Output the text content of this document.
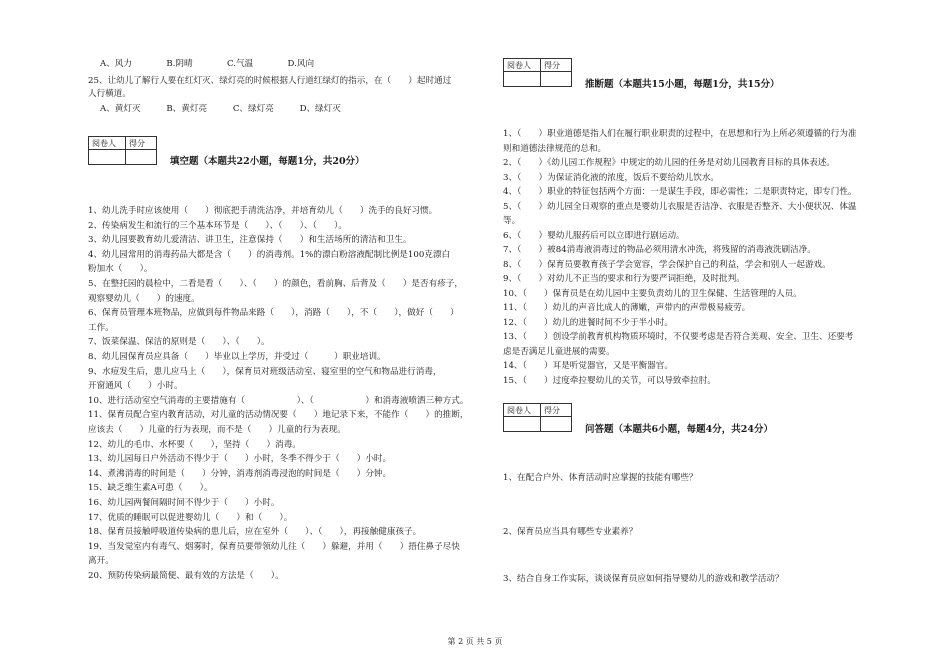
A、风力　　　　B.阴晴　　　　C.气温　　　　D.风向
25、让幼儿了解行人要在红灯灭、绿灯亮的时候根据人行道红绿灯的指示，在（　　）起时通过
人行横道。
A、黄灯灭　　　B、黄灯亮　　　C、绿灯亮　　　D、绿灯灭
阅卷人	得分

填空题（本题共22小题，每题1分，共20分）
1、幼儿洗手时应该使用（　　）彻底把手清洗洁净，并培育幼儿（　　）洗手的良好习惯。
2、传染病发生和流行的三个基本环节是（　　）、（　　）、（　　）。
3、幼儿园要教育幼儿爱清洁、讲卫生，注意保持（　　）和生活场所的清洁和卫生。
4、幼儿园常用的消毒药品大都是含（　　）的消毒剂。1%的漂白粉溶液配制比例是100克漂白
粉加水（　　）。
5、在整托园的晨检中，二看是看（　　）、（　　）的颜色，看前胸、后背及（　　）是否有疹子，
观察婴幼儿（　　）的速度。
6、保育员管理本班物品，应做到每件物品来路（　　），消路（　　），不（　　），做好（　　）
工作。
7、饭菜保温、保洁的原则是（　　）、（　　）。
8、幼儿园保育员应具备（　　）毕业以上学历，并受过（　　　）职业培训。
9、水痘发生后，患儿应马上（　　），保育员对班级活动室、寝室里的空气和物品进行消毒，
开窗通风（　　）小时。
10、进行活动室空气消毒的主要措施有（　　　　　　）、（　　　　　　）和消毒液喷洒三种方式。
11、保育员配合室内教育活动，对儿童的活动情况要（　　）地记录下来，不能作（　　）的推断，
应该去（　　）儿童的行为表现，而不是（　　）儿童的行为表现。
12、幼儿的毛巾、水杯要（　　），坚持（　　）消毒。
13、幼儿园每日户外活动不得少于（　　）小时，冬季不得少于（　　）小时。
14、煮沸消毒的时间是（　　）分钟，消毒剂消毒浸泡的时间是（　　）分钟。
15、缺乏维生素A可患（　　）。
16、幼儿园两餐间隔时间不得少于（　　）小时。
17、优质的睡眠可以促进婴幼儿（　　）和（　　）。
18、保育员接触呼吸道传染病的患儿后，应在室外（　　）、（　　），再接触健康孩子。
19、当发觉室内有毒气、烟雾时，保育员要带领幼儿往（　　）躲避，并用（　　）捂住鼻子尽快
离开。
20、预防传染病最简便、最有效的方法是（　　）。
阅卷人	得分

推断题（本题共15小题，每题1分，共15分）
1、（　　）职业道德是指人们在履行职业职责的过程中，在思想和行为上所必须遵循的行为准
则和道德法律规范的总和。
2、（　　）《幼儿园工作规程》中规定的幼儿园的任务是对幼儿园教育目标的具体表述。
3、（　　）为保证消化液的浓度，饭后不要给幼儿饮水。
4、（　　）职业的特征包括两个方面：一是谋生手段，即必需性；二是职责特定，即专门性。
5、（　　）幼儿园全日观察的重点是婴幼儿衣服是否洁净、衣服是否整齐、大小便状况、体温
等。
6、（　　）婴幼儿服药后可以立即进行剧运动。
7、（　　）被84消毒液消毒过的物品必须用清水冲洗，将残留的消毒液洗刷洁净。
8、（　　）保育员要教育孩子学会宽容，学会保护自己的利益，学会和别人一起游戏。
9、（　　）对幼儿不正当的要求和行为要严词拒绝，及时批判。
10、（　　）保育员是在幼儿园中主要负责幼儿的卫生保健、生活管理的人员。
11、（　　）幼儿的声音比成人的薄嫩，声带内的声带极易疲劳。
12、（　　）幼儿的进餐时间不少于半小时。
13、（　　）创设学前教育机构物质环境时，不仅要考虑是否符合美观、安全、卫生、还要考
虑是否满足儿童进展的需要。
14、（　　）耳是听觉器官，又是平衡器官。
15、（　　）过度牵拉婴幼儿的关节，可以导致牵拉肘。
阅卷人	得分

问答题（本题共6小题，每题4分，共24分）
1、在配合户外、体育活动时应掌握的技能有哪些？
2、保育员应当具有哪些专业素养？
3、结合自身工作实际，谈谈保育员应如何指导婴幼儿的游戏和教学活动？
第 2 页 共 5 页
